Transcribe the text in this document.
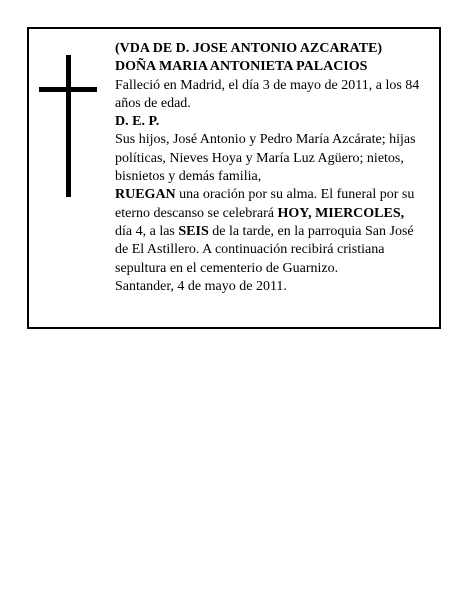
(VDA DE D. JOSE ANTONIO AZCARATE)

DOÑA MARIA ANTONIETA PALACIOS

Falleció en Madrid, el día 3 de mayo de 2011, a los 84 años de edad.

D. E. P.

Sus hijos, José Antonio y Pedro María Azcárate; hijas políticas, Nieves Hoya y María Luz Agüero; nietos, bisnietos y demás familia,

RUEGAN una oración por su alma. El funeral por su eterno descanso se celebrará HOY, MIERCOLES, día 4, a las SEIS de la tarde, en la parroquia San José de El Astillero. A continuación recibirá cristiana sepultura en el cementerio de Guarnizo.

Santander, 4 de mayo de 2011.
